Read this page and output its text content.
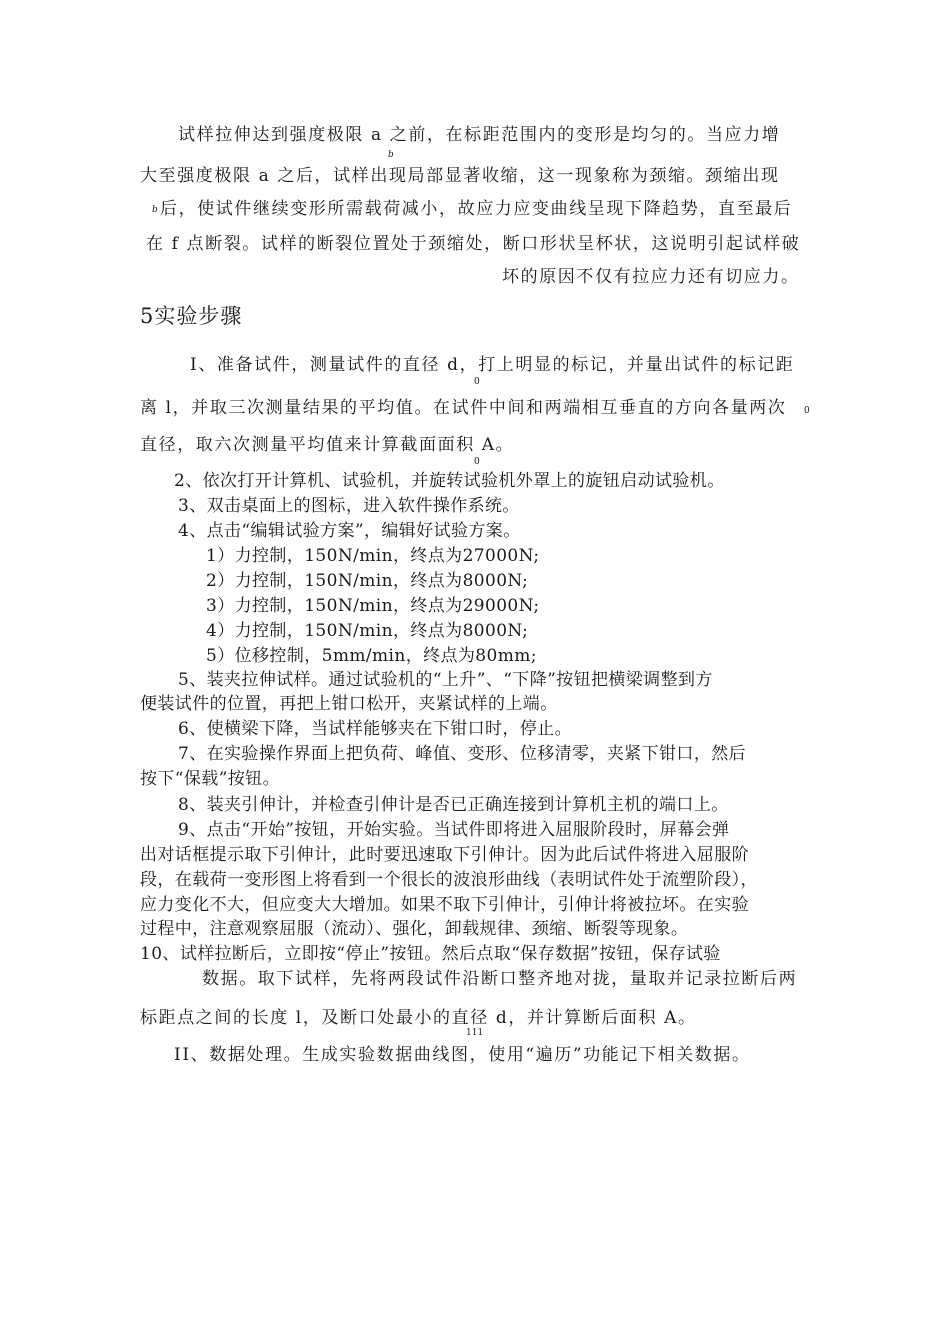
试样拉伸达到强度极限 a 之前，在标距范围内的变形是均匀的。当应力增
b
大至强度极限 a 之后，试样出现局部显著收缩，这一现象称为颈缩。颈缩出现
b 后，使试件继续变形所需载荷减小，故应力应变曲线呈现下降趋势，直至最后
在 f 点断裂。试样的断裂位置处于颈缩处，断口形状呈杯状，这说明引起试样破
坏的原因不仅有拉应力还有切应力。
5实验步骤
I、准备试件，测量试件的直径 d，打上明显的标记，并量出试件的标记距
0
离 l，并取三次测量结果的平均值。在试件中间和两端相互垂直的方向各量两次 0
直径，取六次测量平均值来计算截面面积 A。
0
2、依次打开计算机、试验机，并旋转试验机外罩上的旋钮启动试验机。
3、双击桌面上的图标，进入软件操作系统。
4、点击“编辑试验方案”，编辑好试验方案。
1）力控制，150N/min，终点为27000N;
2）力控制，150N/min，终点为8000N;
3）力控制，150N/min，终点为29000N;
4）力控制，150N/min，终点为8000N;
5）位移控制，5mm/min，终点为80mm;
5、装夹拉伸试样。通过试验机的“上升”、“下降”按钮把横梁调整到方
便装试件的位置，再把上钳口松开，夹紧试样的上端。
6、使横梁下降，当试样能够夹在下钳口时，停止。
7、在实验操作界面上把负荷、峰值、变形、位移清零，夹紧下钳口，然后
按下“保载”按钮。
8、装夹引伸计，并检查引伸计是否已正确连接到计算机主机的端口上。
9、点击“开始”按钮，开始实验。当试件即将进入屈服阶段时，屏幕会弹
出对话框提示取下引伸计，此时要迅速取下引伸计。因为此后试件将进入屈服阶
段，在载荷一变形图上将看到一个很长的波浪形曲线（表明试件处于流塑阶段），
应力变化不大，但应变大大增加。如果不取下引伸计，引伸计将被拉坏。在实验
过程中，注意观察屈服（流动）、强化，卸载规律、颈缩、断裂等现象。
10、试样拉断后，立即按“停止”按钮。然后点取“保存数据”按钮，保存试验
数据。取下试样，先将两段试件沿断口整齐地对拢，量取并记录拉断后两
标距点之间的长度 l，及断口处最小的直径 d，并计算断后面积 A。
111
II、数据处理。生成实验数据曲线图，使用“遍历”功能记下相关数据。
